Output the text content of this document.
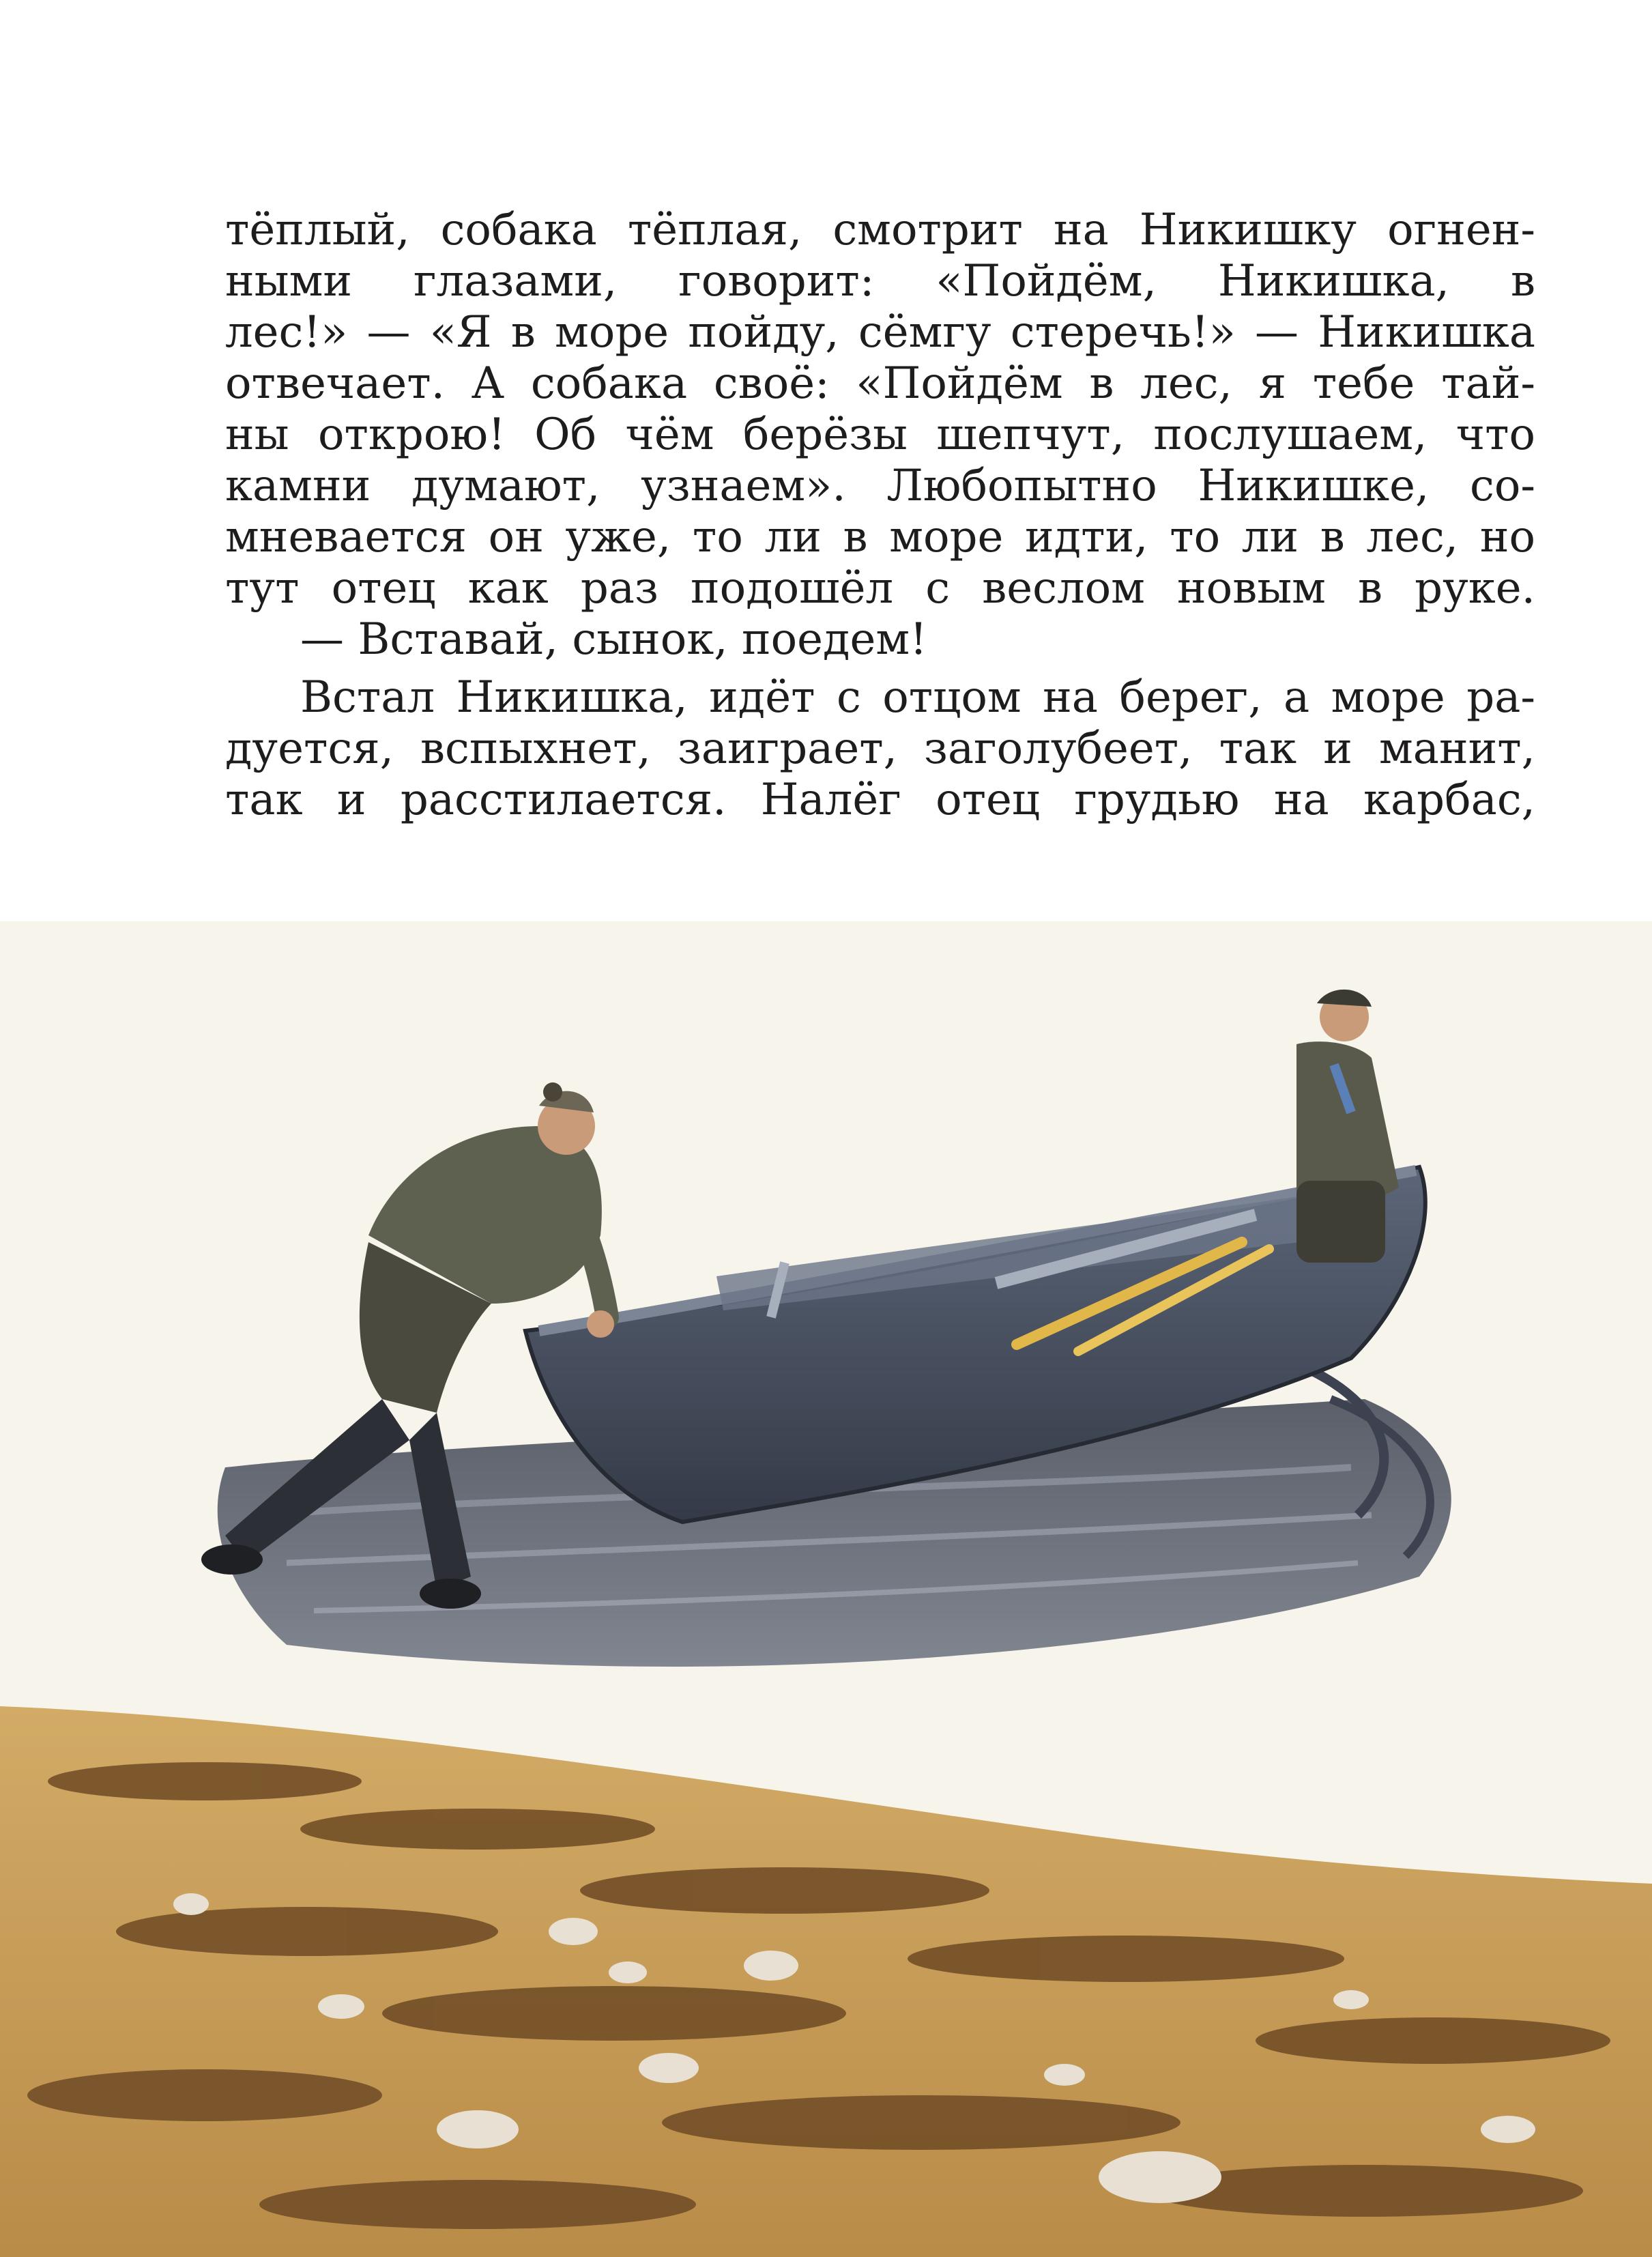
тёплый, собака тёплая, смотрит на Никишку огнен-
ными глазами, говорит: «Пойдём, Никишка, в
лес!» — «Я в море пойду, сёмгу стеречь!» — Никишка
отвечает. А собака своё: «Пойдём в лес, я тебе тай-
ны открою! Об чём берёзы шепчут, послушаем, что
камни думают, узнаем». Любопытно Никишке, со-
мневается он уже, то ли в море идти, то ли в лес, но
тут отец как раз подошёл с веслом новым в руке.
— Вставай, сынок, поедем!
Встал Никишка, идёт с отцом на берег, а море ра-
дуется, вспыхнет, заиграет, заголубеет, так и манит,
так и расстилается. Налёг отец грудью на карбас,
